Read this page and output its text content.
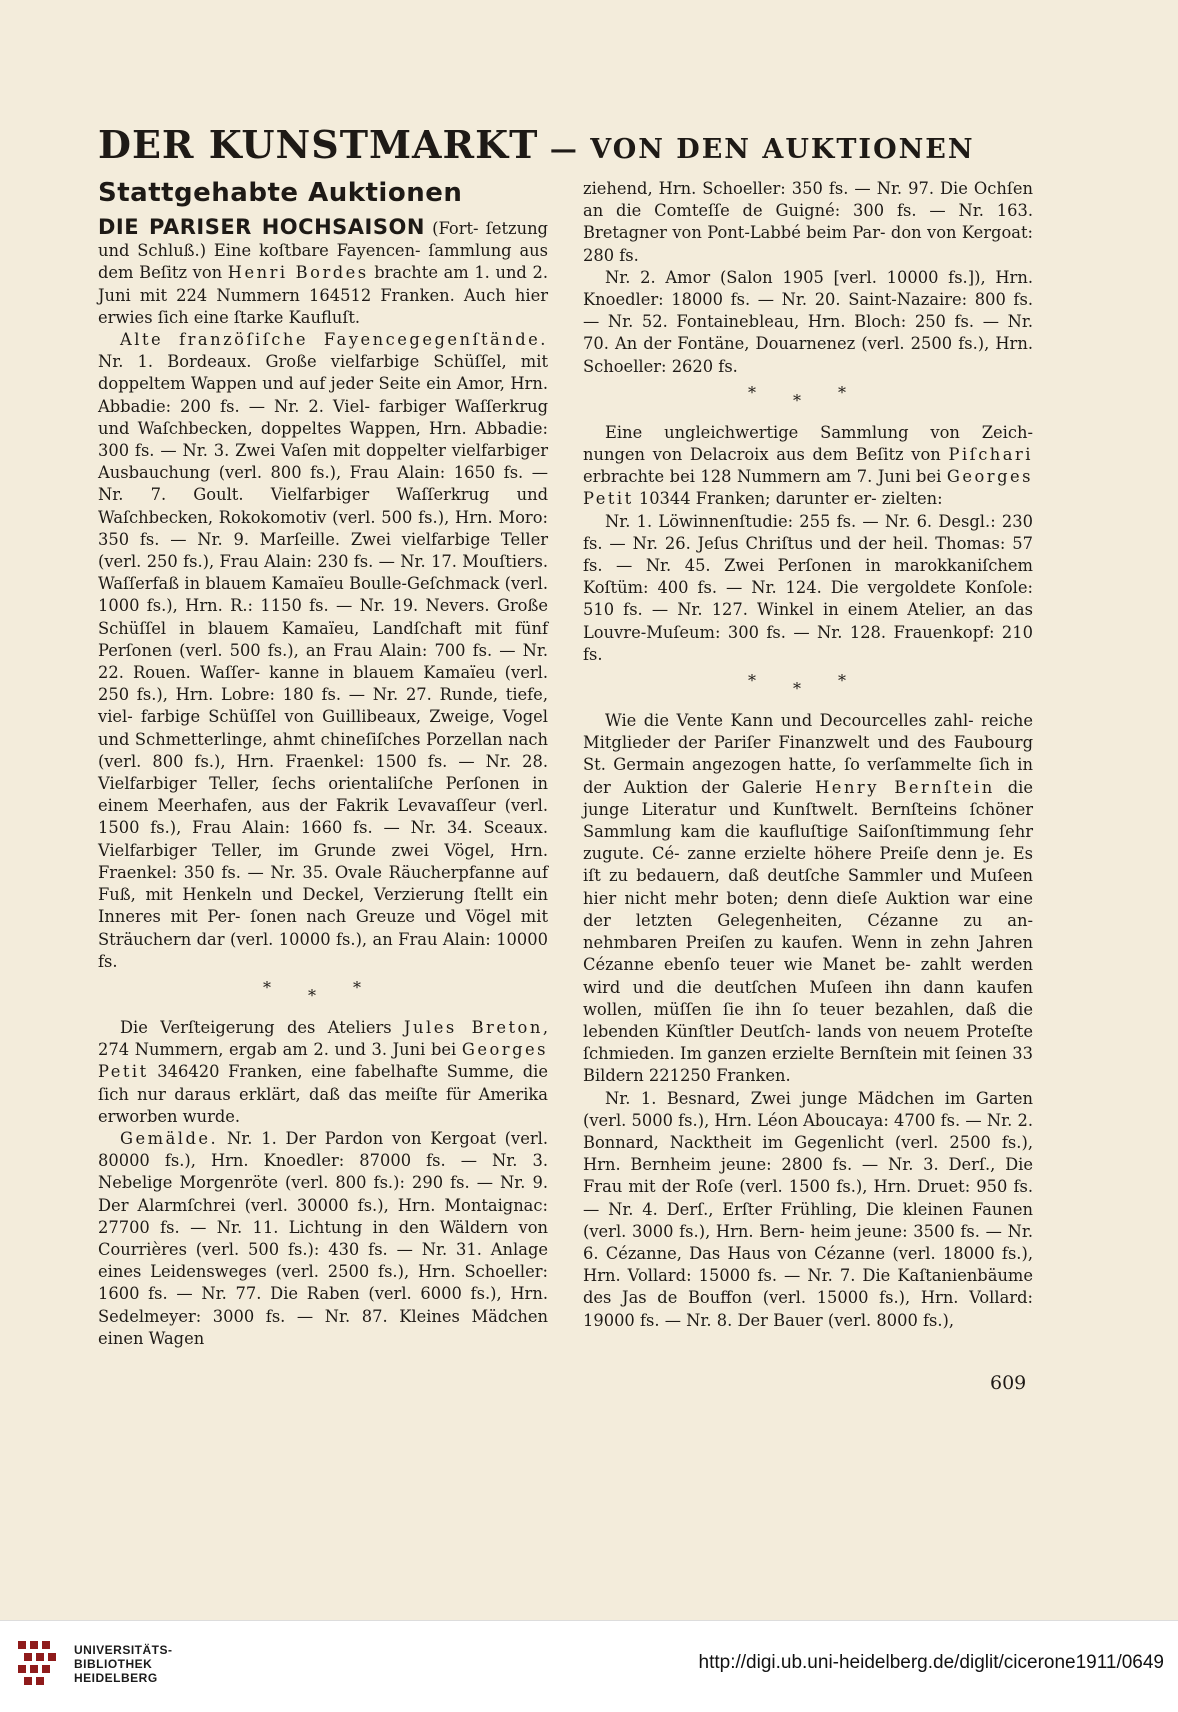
DER KUNSTMARKT — VON DEN AUKTIONEN
Stattgehabte Auktionen

DIE PARISER HOCHSAISON (Fort- ſetzung und Schluß.) Eine koſtbare Fayencen- ſammlung aus dem Beſitz von Henri Bordes brachte am 1. und 2. Juni mit 224 Nummern 164512 Franken. Auch hier erwies ſich eine ſtarke Kaufluſt.

Alte franzöſiſche Fayencegegenſtände. Nr. 1. Bordeaux. Große vielfarbige Schüſſel, mit doppeltem Wappen und auf jeder Seite ein Amor, Hrn. Abbadie: 200 fs. — Nr. 2. Viel- farbiger Waſſerkrug und Waſchbecken, doppeltes Wappen, Hrn. Abbadie: 300 fs. — Nr. 3. Zwei Vaſen mit doppelter vielfarbiger Ausbauchung (verl. 800 fs.), Frau Alain: 1650 fs. — Nr. 7. Goult. Vielfarbiger Waſſerkrug und Waſchbecken, Rokokomotiv (verl. 500 fs.), Hrn. Moro: 350 fs. — Nr. 9. Marſeille. Zwei vielfarbige Teller (verl. 250 fs.), Frau Alain: 230 fs. — Nr. 17. Mouſtiers. Waſſerfaß in blauem Kamaïeu Boulle-Geſchmack (verl. 1000 fs.), Hrn. R.: 1150 fs. — Nr. 19. Nevers. Große Schüſſel in blauem Kamaïeu, Landſchaft mit fünf Perſonen (verl. 500 fs.), an Frau Alain: 700 fs. — Nr. 22. Rouen. Waſſer- kanne in blauem Kamaïeu (verl. 250 fs.), Hrn. Lobre: 180 fs. — Nr. 27. Runde, tiefe, viel- farbige Schüſſel von Guillibeaux, Zweige, Vogel und Schmetterlinge, ahmt chineſiſches Porzellan nach (verl. 800 fs.), Hrn. Fraenkel: 1500 fs. — Nr. 28. Vielfarbiger Teller, ſechs orientaliſche Perſonen in einem Meerhafen, aus der Fakrik Levavaſſeur (verl. 1500 fs.), Frau Alain: 1660 fs. — Nr. 34. Sceaux. Vielfarbiger Teller, im Grunde zwei Vögel, Hrn. Fraenkel: 350 fs. — Nr. 35. Ovale Räucherpfanne auf Fuß, mit Henkeln und Deckel, Verzierung ſtellt ein Inneres mit Per- ſonen nach Greuze und Vögel mit Sträuchern dar (verl. 10000 fs.), an Frau Alain: 10000 fs.

* * *

Die Verſteigerung des Ateliers Jules Breton, 274 Nummern, ergab am 2. und 3. Juni bei Georges Petit 346420 Franken, eine fabelhafte Summe, die ſich nur daraus erklärt, daß das meiſte für Amerika erworben wurde.

Gemälde. Nr. 1. Der Pardon von Kergoat (verl. 80000 fs.), Hrn. Knoedler: 87000 fs. — Nr. 3. Nebelige Morgenröte (verl. 800 fs.): 290 fs. — Nr. 9. Der Alarmſchrei (verl. 30000 fs.), Hrn. Montaignac: 27700 fs. — Nr. 11. Lichtung in den Wäldern von Courrières (verl. 500 fs.): 430 fs. — Nr. 31. Anlage eines Leidensweges (verl. 2500 fs.), Hrn. Schoeller: 1600 fs. — Nr. 77. Die Raben (verl. 6000 fs.), Hrn. Sedelmeyer: 3000 fs. — Nr. 87. Kleines Mädchen einen Wagen

ziehend, Hrn. Schoeller: 350 fs. — Nr. 97. Die Ochſen an die Comteſſe de Guigné: 300 fs. — Nr. 163. Bretagner von Pont-Labbé beim Par- don von Kergoat: 280 fs.

Nr. 2. Amor (Salon 1905 [verl. 10000 fs.]), Hrn. Knoedler: 18000 fs. — Nr. 20. Saint-Nazaire: 800 fs. — Nr. 52. Fontainebleau, Hrn. Bloch: 250 fs. — Nr. 70. An der Fontäne, Douarnenez (verl. 2500 fs.), Hrn. Schoeller: 2620 fs.

* * *

Eine ungleichwertige Sammlung von Zeich- nungen von Delacroix aus dem Beſitz von Piſchari erbrachte bei 128 Nummern am 7. Juni bei Georges Petit 10344 Franken; darunter er- zielten:

Nr. 1. Löwinnenſtudie: 255 fs. — Nr. 6. Desgl.: 230 fs. — Nr. 26. Jeſus Chriſtus und der heil. Thomas: 57 fs. — Nr. 45. Zwei Perſonen in marokkaniſchem Koſtüm: 400 fs. — Nr. 124. Die vergoldete Konſole: 510 fs. — Nr. 127. Winkel in einem Atelier, an das Louvre-Muſeum: 300 fs. — Nr. 128. Frauenkopf: 210 fs.

* * *

Wie die Vente Kann und Decourcelles zahl- reiche Mitglieder der Pariſer Finanzwelt und des Faubourg St. Germain angezogen hatte, ſo verſammelte ſich in der Auktion der Galerie Henry Bernſtein die junge Literatur und Kunſtwelt. Bernſteins ſchöner Sammlung kam die kaufluſtige Saiſonſtimmung ſehr zugute. Cé- zanne erzielte höhere Preiſe denn je. Es iſt zu bedauern, daß deutſche Sammler und Muſeen hier nicht mehr boten; denn dieſe Auktion war eine der letzten Gelegenheiten, Cézanne zu an- nehmbaren Preiſen zu kaufen. Wenn in zehn Jahren Cézanne ebenſo teuer wie Manet be- zahlt werden wird und die deutſchen Muſeen ihn dann kaufen wollen, müſſen ſie ihn ſo teuer bezahlen, daß die lebenden Künſtler Deutſch- lands von neuem Proteſte ſchmieden. Im ganzen erzielte Bernſtein mit ſeinen 33 Bildern 221250 Franken.

Nr. 1. Besnard, Zwei junge Mädchen im Garten (verl. 5000 fs.), Hrn. Léon Aboucaya: 4700 fs. — Nr. 2. Bonnard, Nacktheit im Gegenlicht (verl. 2500 fs.), Hrn. Bernheim jeune: 2800 fs. — Nr. 3. Derſ., Die Frau mit der Roſe (verl. 1500 fs.), Hrn. Druet: 950 fs. — Nr. 4. Derſ., Erſter Frühling, Die kleinen Faunen (verl. 3000 fs.), Hrn. Bern- heim jeune: 3500 fs. — Nr. 6. Cézanne, Das Haus von Cézanne (verl. 18000 fs.), Hrn. Vollard: 15000 fs. — Nr. 7. Die Kaſtanienbäume des Jas de Bouffon (verl. 15000 fs.), Hrn. Vollard: 19000 fs. — Nr. 8. Der Bauer (verl. 8000 fs.),

609
UNIVERSITÄTS-
BIBLIOTHEK
HEIDELBERG
http://digi.ub.uni-heidelberg.de/diglit/cicerone1911/0649
